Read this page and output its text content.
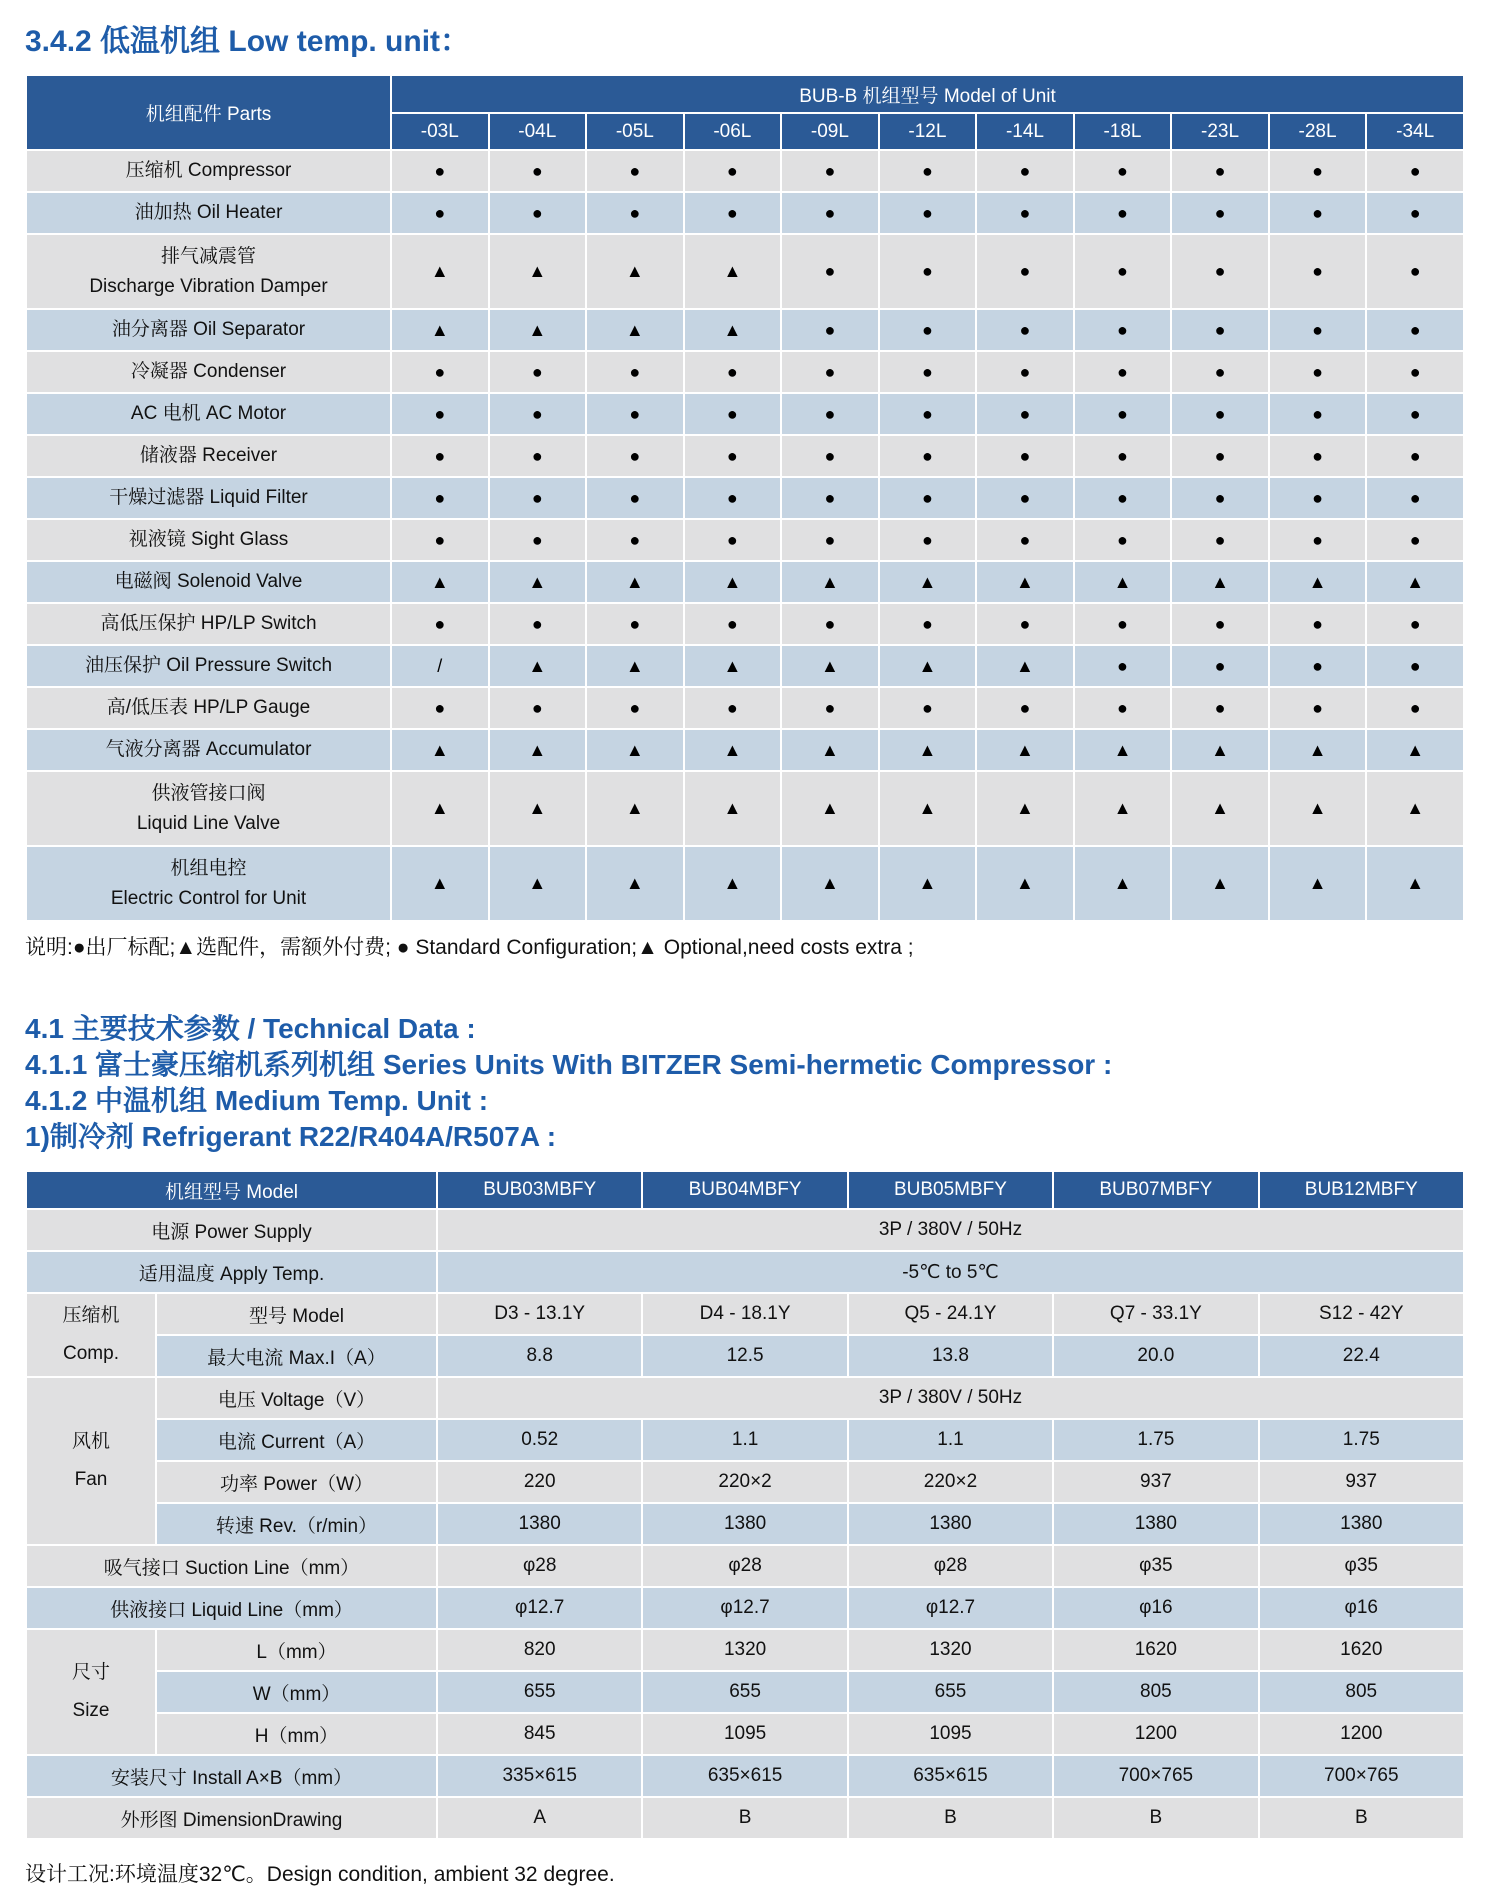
3.4.2 低温机组 Low temp. unit：
机组配件 Parts	BUB-B 机组型号 Model of Unit										
	-03L	-04L	-05L	-06L	-09L	-12L	-14L	-18L	-23L	-28L	-34L

压缩机 Compressor	●	●	●	●	●	●	●	●	●	●	●

油加热 Oil Heater	●	●	●	●	●	●	●	●	●	●	●

排气减震管
Discharge Vibration Damper	▲	▲	▲	▲	●	●	●	●	●	●	●

油分离器 Oil Separator	▲	▲	▲	▲	●	●	●	●	●	●	●

冷凝器 Condenser	●	●	●	●	●	●	●	●	●	●	●

AC 电机 AC Motor	●	●	●	●	●	●	●	●	●	●	●

储液器 Receiver	●	●	●	●	●	●	●	●	●	●	●

干燥过滤器 Liquid Filter	●	●	●	●	●	●	●	●	●	●	●

视液镜 Sight Glass	●	●	●	●	●	●	●	●	●	●	●

电磁阀 Solenoid Valve	▲	▲	▲	▲	▲	▲	▲	▲	▲	▲	▲

高低压保护 HP/LP Switch	●	●	●	●	●	●	●	●	●	●	●

油压保护 Oil Pressure Switch	/	▲	▲	▲	▲	▲	▲	●	●	●	●

高/低压表 HP/LP Gauge	●	●	●	●	●	●	●	●	●	●	●

气液分离器 Accumulator	▲	▲	▲	▲	▲	▲	▲	▲	▲	▲	▲

供液管接口阀
Liquid Line Valve	▲	▲	▲	▲	▲	▲	▲	▲	▲	▲	▲

机组电控
Electric Control for Unit	▲	▲	▲	▲	▲	▲	▲	▲	▲	▲	▲

说明:●出厂标配;▲选配件，需额外付费; ● Standard Configuration;▲ Optional,need costs extra ;

4.1 主要技术参数 / Technical Data :
4.1.1 富士豪压缩机系列机组 Series Units With BITZER Semi-hermetic Compressor :
4.1.2 中温机组 Medium Temp. Unit :
1)制冷剂 Refrigerant R22/R404A/R507A :
机组型号 Model		BUB03MBFY	BUB04MBFY	BUB05MBFY	BUB07MBFY	BUB12MBFY
电源 Power Supply		3P / 380V / 50Hz				
适用温度 Apply Temp.		-5℃ to 5℃				

压缩机
Comp.	型号 Model	D3 - 13.1Y	D4 - 18.1Y	Q5 - 24.1Y	Q7 - 33.1Y	S12 - 42Y
	最大电流 Max.I（A）	8.8	12.5	13.8	20.0	22.4

风机
Fan	电压 Voltage（V）	3P / 380V / 50Hz				
	电流 Current（A）	0.52	1.1	1.1	1.75	1.75
	功率 Power（W）	220	220×2	220×2	937	937
	转速 Rev.（r/min）	1380	1380	1380	1380	1380
吸气接口 Suction Line（mm）		φ28	φ28	φ28	φ35	φ35
供液接口 Liquid Line（mm）		φ12.7	φ12.7	φ12.7	φ16	φ16

尺寸
Size	L（mm）	820	1320	1320	1620	1620
	W（mm）	655	655	655	805	805
	H（mm）	845	1095	1095	1200	1200
安装尺寸 Install A×B（mm）		335×615	635×615	635×615	700×765	700×765
外形图 DimensionDrawing		A	B	B	B	B

设计工况:环境温度32℃。Design condition, ambient 32 degree.
